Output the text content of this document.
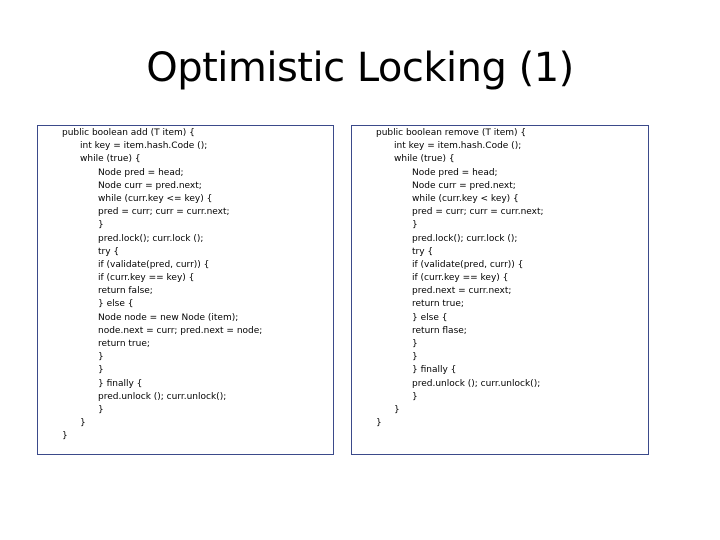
Optimistic Locking (1)
public boolean add (T item) {
int key = item.hash.Code ();
while (true) {
Node pred = head;
Node curr = pred.next;
while (curr.key <= key) {
pred = curr; curr = curr.next;
}
pred.lock(); curr.lock ();
try {
if (validate(pred, curr)) {
if (curr.key == key) {
return false;
} else {
Node node = new Node (item);
node.next = curr; pred.next = node;
return true;
}
}
} finally {
pred.unlock (); curr.unlock();
}
}
}
public boolean remove (T item) {
int key = item.hash.Code ();
while (true) {
Node pred = head;
Node curr = pred.next;
while (curr.key < key) {
pred = curr; curr = curr.next;
}
pred.lock(); curr.lock ();
try {
if (validate(pred, curr)) {
if (curr.key == key) {
pred.next = curr.next;
return true;
} else {
return flase;
}
}
} finally {
pred.unlock (); curr.unlock();
}
}
}
